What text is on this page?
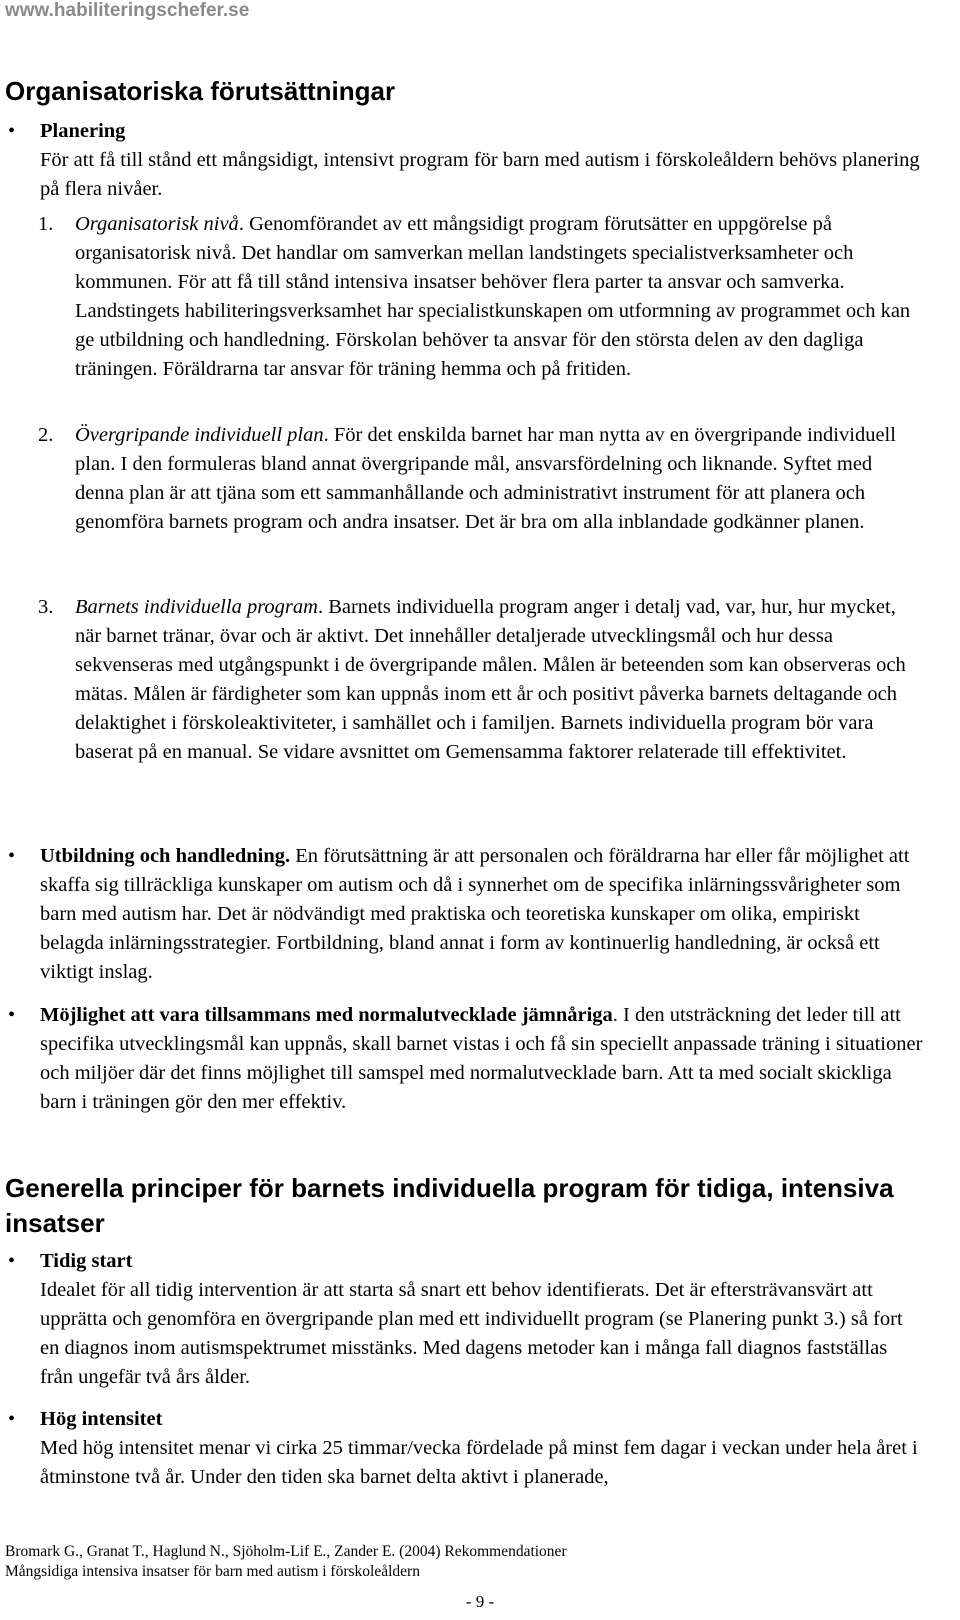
www.habiliteringschefer.se
Organisatoriska förutsättningar
• Planering
För att få till stånd ett mångsidigt, intensivt program för barn med autism i förskoleåldern behövs planering på flera nivåer.
1. Organisatorisk nivå. Genomförandet av ett mångsidigt program förutsätter en uppgörelse på organisatorisk nivå. Det handlar om samverkan mellan landstingets specialistverksamheter och kommunen. För att få till stånd intensiva insatser behöver flera parter ta ansvar och samverka. Landstingets habiliteringsverksamhet har specialistkunskapen om utformning av programmet och kan ge utbildning och handledning. Förskolan behöver ta ansvar för den största delen av den dagliga träningen. Föräldrarna tar ansvar för träning hemma och på fritiden.
2. Övergripande individuell plan. För det enskilda barnet har man nytta av en övergripande individuell plan. I den formuleras bland annat övergripande mål, ansvarsfördelning och liknande. Syftet med denna plan är att tjäna som ett sammanhållande och administrativt instrument för att planera och genomföra barnets program och andra insatser. Det är bra om alla inblandade godkänner planen.
3. Barnets individuella program. Barnets individuella program anger i detalj vad, var, hur, hur mycket, när barnet tränar, övar och är aktivt. Det innehåller detaljerade utvecklingsmål och hur dessa sekvenseras med utgångspunkt i de övergripande målen. Målen är beteenden som kan observeras och mätas. Målen är färdigheter som kan uppnås inom ett år och positivt påverka barnets deltagande och delaktighet i förskoleaktiviteter, i samhället och i familjen. Barnets individuella program bör vara baserat på en manual. Se vidare avsnittet om Gemensamma faktorer relaterade till effektivitet.
• Utbildning och handledning. En förutsättning är att personalen och föräldrarna har eller får möjlighet att skaffa sig tillräckliga kunskaper om autism och då i synnerhet om de specifika inlärningssvårigheter som barn med autism har. Det är nödvändigt med praktiska och teoretiska kunskaper om olika, empiriskt belagda inlärningsstrategier. Fortbildning, bland annat i form av kontinuerlig handledning, är också ett viktigt inslag.
• Möjlighet att vara tillsammans med normalutvecklade jämnåriga. I den utsträckning det leder till att specifika utvecklingsmål kan uppnås, skall barnet vistas i och få sin speciellt anpassade träning i situationer och miljöer där det finns möjlighet till samspel med normalutvecklade barn. Att ta med socialt skickliga barn i träningen gör den mer effektiv.
Generella principer för barnets individuella program för tidiga, intensiva insatser
• Tidig start
Idealet för all tidig intervention är att starta så snart ett behov identifierats. Det är eftersträvansvärt att upprätta och genomföra en övergripande plan med ett individuellt program (se Planering punkt 3.) så fort en diagnos inom autismspektrumet misstänks. Med dagens metoder kan i många fall diagnos fastställas från ungefär två års ålder.
• Hög intensitet
Med hög intensitet menar vi cirka 25 timmar/vecka fördelade på minst fem dagar i veckan under hela året i åtminstone två år. Under den tiden ska barnet delta aktivt i planerade,
Bromark G., Granat T., Haglund N., Sjöholm-Lif E., Zander E. (2004) Rekommendationer
Mångsidiga intensiva insatser för barn med autism i förskoleåldern
- 9 -
